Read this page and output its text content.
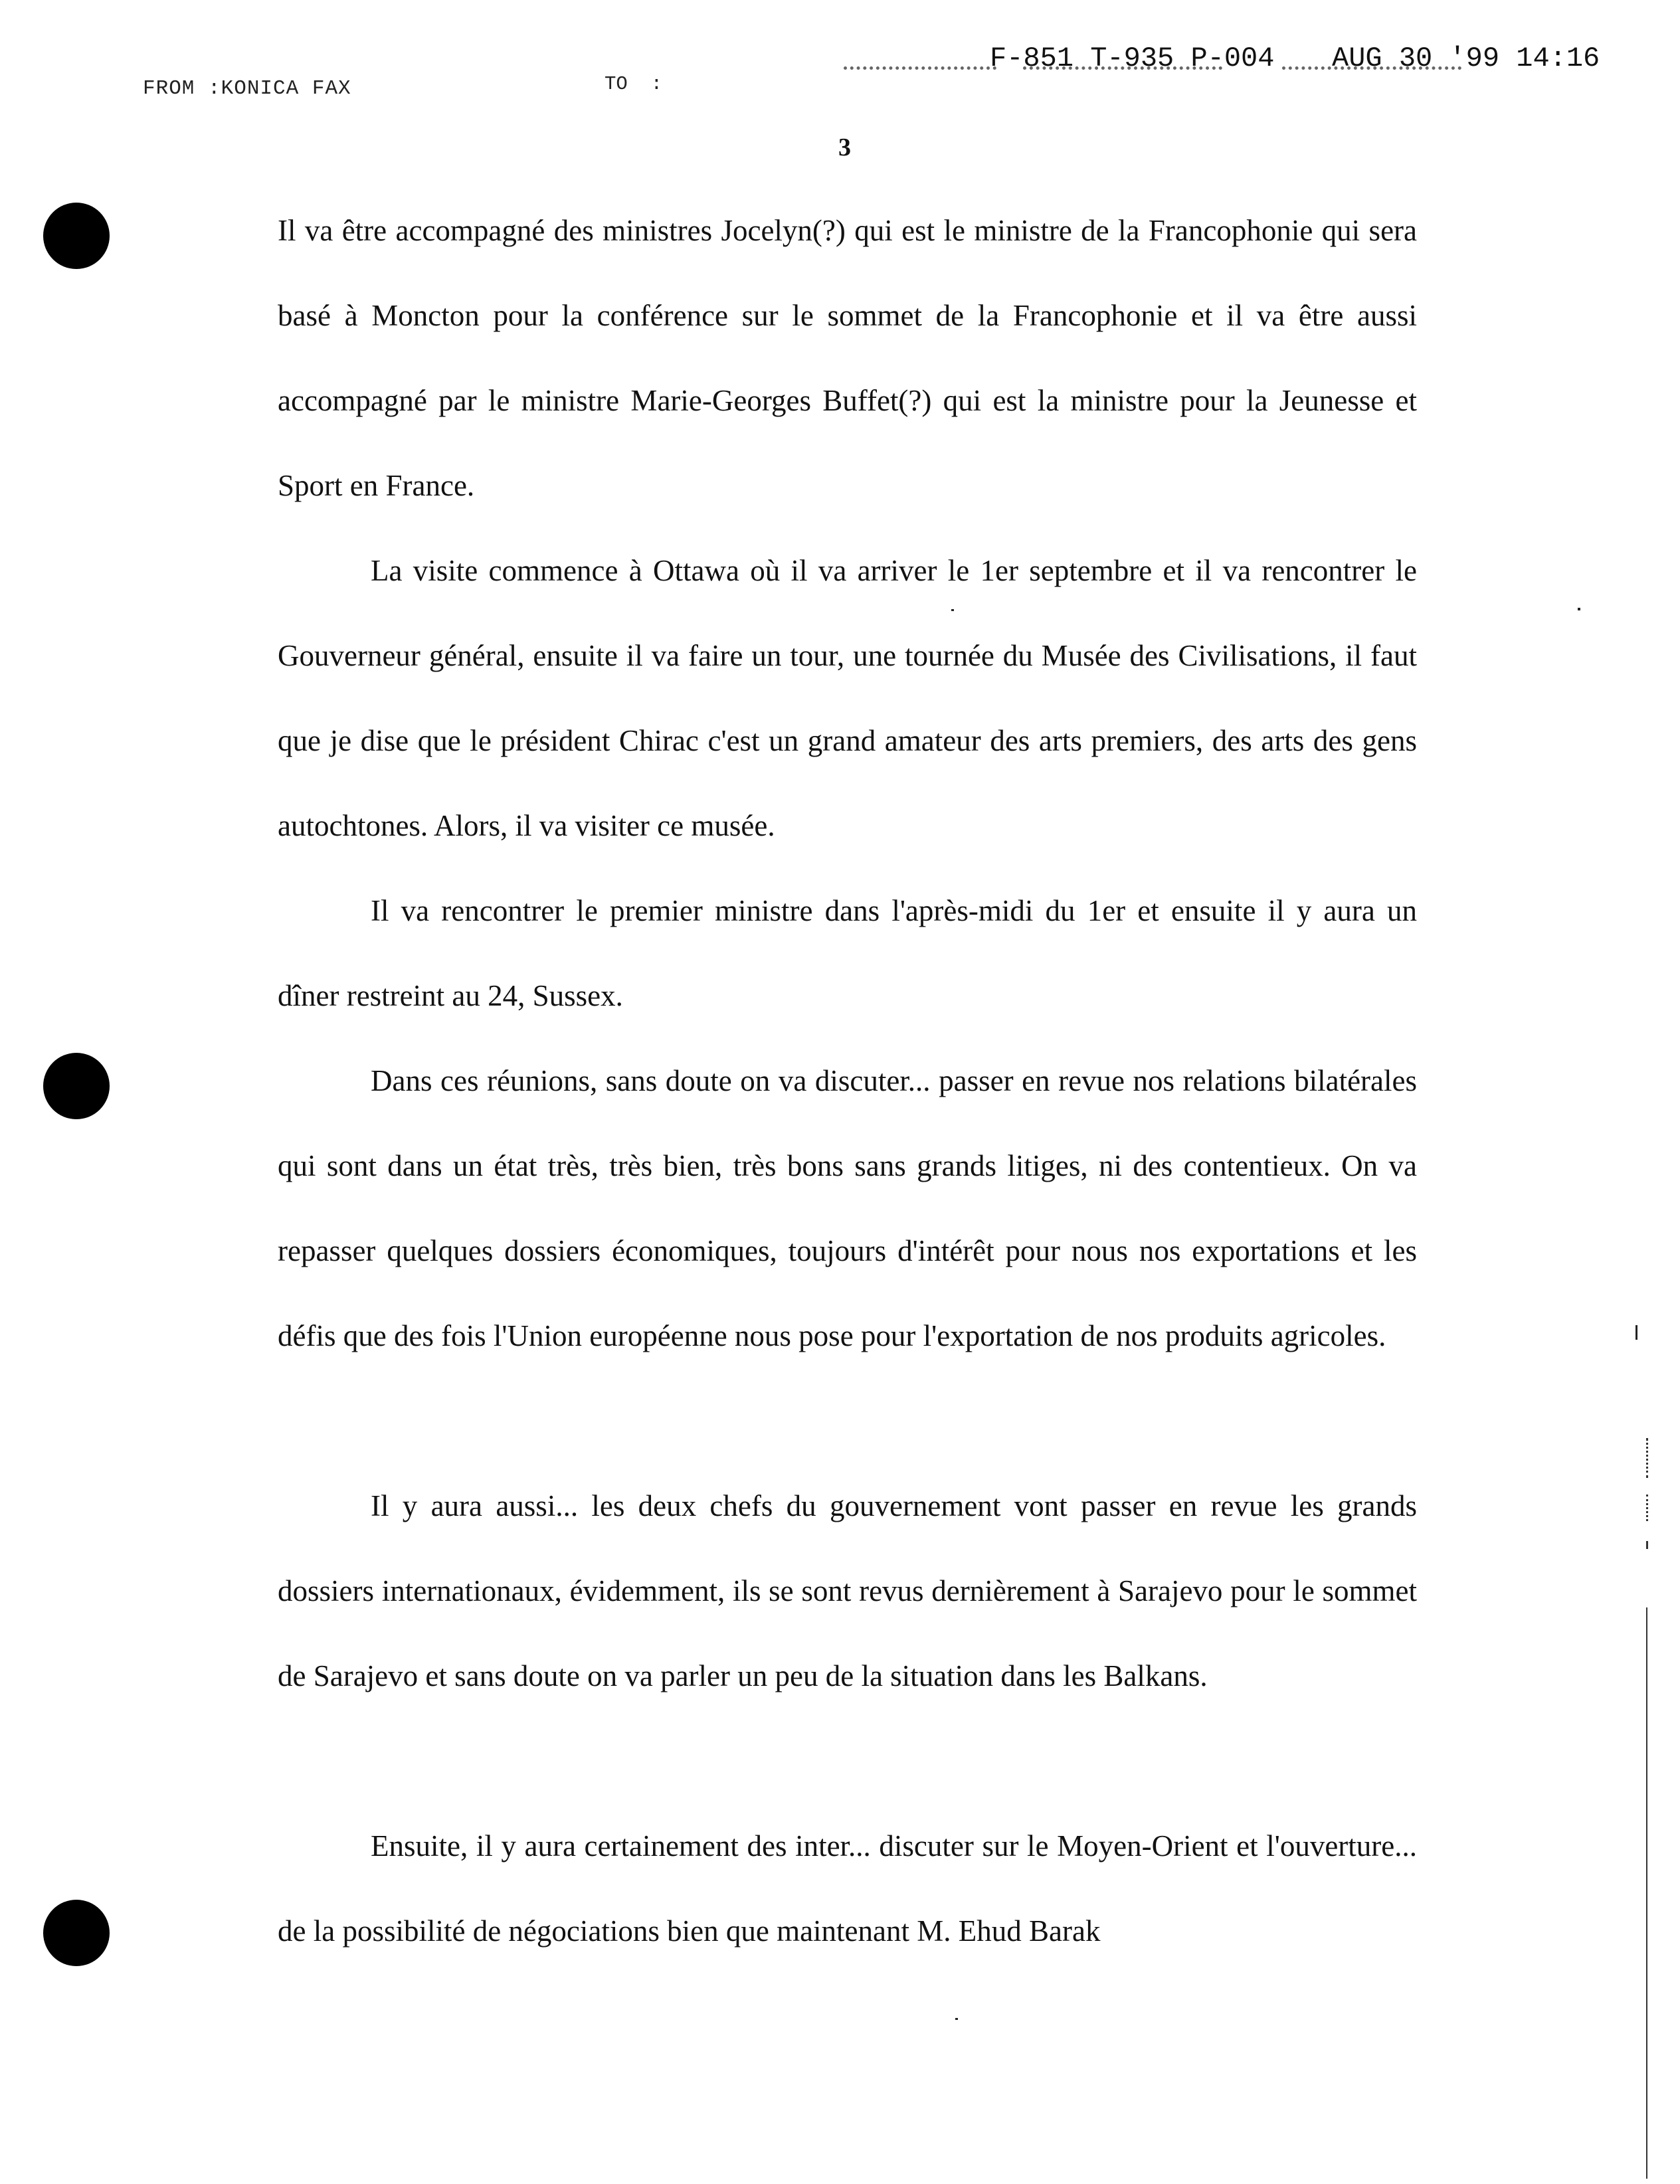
FROM :KONICA FAX	TO  :
F-851 T-935 P-004 AUG 30 '99 14:16
3

Il va être accompagné des ministres Jocelyn(?) qui est le ministre de la Francophonie qui sera basé à Moncton pour la conférence sur le sommet de la Francophonie et il va être aussi accompagné par le ministre Marie-Georges Buffet(?) qui est la ministre pour la Jeunesse et Sport en France.

La visite commence à Ottawa où il va arriver le 1er septembre et il va rencontrer le Gouverneur général, ensuite il va faire un tour, une tournée du Musée des Civilisations, il faut que je dise que le président Chirac c'est un grand amateur des arts premiers, des arts des gens autochtones. Alors, il va visiter ce musée.

Il va rencontrer le premier ministre dans l'après-midi du 1er et ensuite il y aura un dîner restreint au 24, Sussex.

Dans ces réunions, sans doute on va discuter... passer en revue nos relations bilatérales qui sont dans un état très, très bien, très bons sans grands litiges, ni des contentieux. On va repasser quelques dossiers économiques, toujours d'intérêt pour nous nos exportations et les défis que des fois l'Union européenne nous pose pour l'exportation de nos produits agricoles.

Il y aura aussi... les deux chefs du gouvernement vont passer en revue les grands dossiers internationaux, évidemment, ils se sont revus dernièrement à Sarajevo pour le sommet de Sarajevo et sans doute on va parler un peu de la situation dans les Balkans.

Ensuite, il y aura certainement des inter... discuter sur le Moyen-Orient et l'ouverture... de la possibilité de négociations bien que maintenant M. Ehud Barak
